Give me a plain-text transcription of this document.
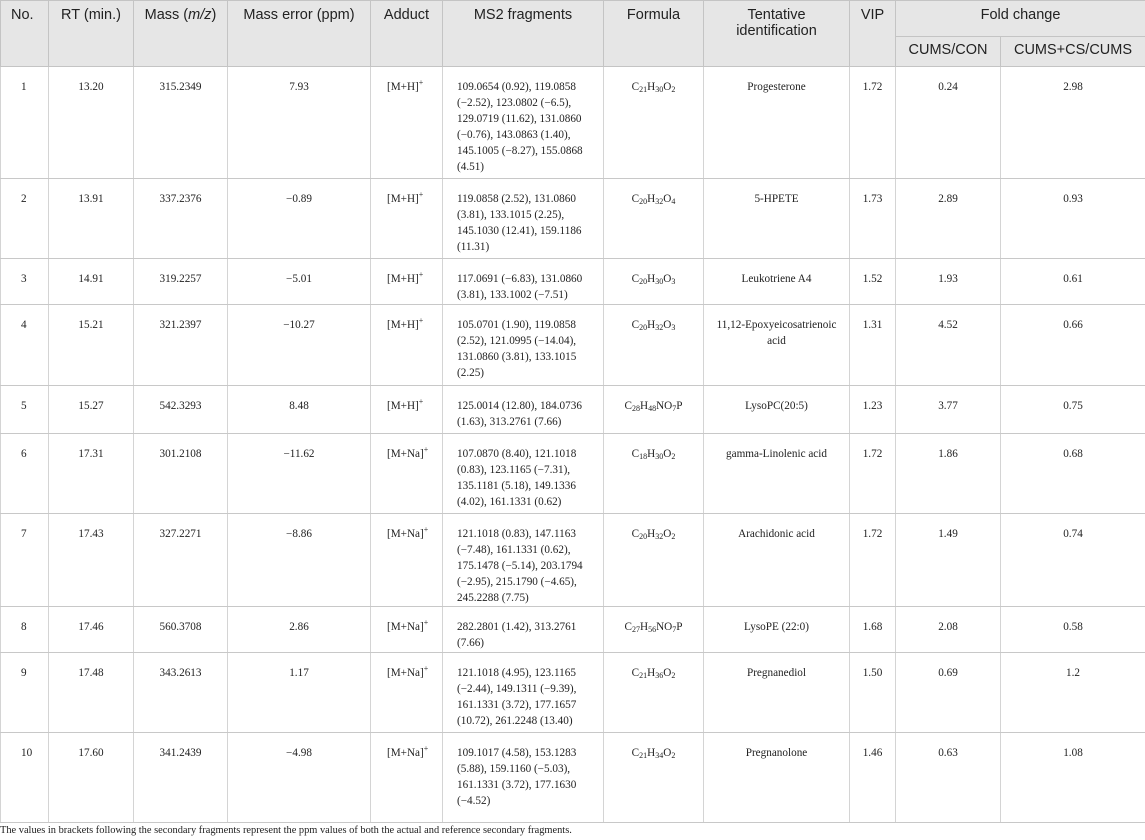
No.	RT (min.)	Mass (m/z)	Mass error (ppm)	Adduct	MS2 fragments	Formula	Tentative identification	VIP	Fold change	
									CUMS/CON	CUMS+CS/CUMS
1	13.20	315.2349	7.93	[M+H]+	109.0654 (0.92), 119.0858 (−2.52), 123.0802 (−6.5), 129.0719 (11.62), 131.0860 (−0.76), 143.0863 (1.40), 145.1005 (−8.27), 155.0868 (4.51)	$C_{21}H_{30}O_2$	Progesterone	1.72	0.24	2.98
2	13.91	337.2376	−0.89	[M+H]+	119.0858 (2.52), 131.0860 (3.81), 133.1015 (2.25), 145.1030 (12.41), 159.1186 (11.31)	$C_{20}H_{32}O_4$	5-HPETE	1.73	2.89	0.93
3	14.91	319.2257	−5.01	[M+H]+	117.0691 (−6.83), 131.0860 (3.81), 133.1002 (−7.51)	$C_{20}H_{30}O_3$	Leukotriene A4	1.52	1.93	0.61
4	15.21	321.2397	−10.27	[M+H]+	105.0701 (1.90), 119.0858 (2.52), 121.0995 (−14.04), 131.0860 (3.81), 133.1015 (2.25)	$C_{20}H_{32}O_3$	11,12-Epoxyeicosatrienoic acid	1.31	4.52	0.66
5	15.27	542.3293	8.48	[M+H]+	125.0014 (12.80), 184.0736 (1.63), 313.2761 (7.66)	$C_{28}H_{48}NO_7P$	LysoPC(20:5)	1.23	3.77	0.75
6	17.31	301.2108	−11.62	[M+Na]+	107.0870 (8.40), 121.1018 (0.83), 123.1165 (−7.31), 135.1181 (5.18), 149.1336 (4.02), 161.1331 (0.62)	$C_{18}H_{30}O_2$	gamma-Linolenic acid	1.72	1.86	0.68
7	17.43	327.2271	−8.86	[M+Na]+	121.1018 (0.83), 147.1163 (−7.48), 161.1331 (0.62), 175.1478 (−5.14), 203.1794 (−2.95), 215.1790 (−4.65), 245.2288 (7.75)	$C_{20}H_{32}O_2$	Arachidonic acid	1.72	1.49	0.74
8	17.46	560.3708	2.86	[M+Na]+	282.2801 (1.42), 313.2761 (7.66)	$C_{27}H_{56}NO_7P$	LysoPE (22:0)	1.68	2.08	0.58
9	17.48	343.2613	1.17	[M+Na]+	121.1018 (4.95), 123.1165 (−2.44), 149.1311 (−9.39), 161.1331 (3.72), 177.1657 (10.72), 261.2248 (13.40)	$C_{21}H_{36}O_2$	Pregnanediol	1.50	0.69	1.2
10	17.60	341.2439	−4.98	[M+Na]+	109.1017 (4.58), 153.1283 (5.88), 159.1160 (−5.03), 161.1331 (3.72), 177.1630 (−4.52)	$C_{21}H_{34}O_2$	Pregnanolone	1.46	0.63	1.08
The values in brackets following the secondary fragments represent the ppm values of both the actual and reference secondary fragments.
